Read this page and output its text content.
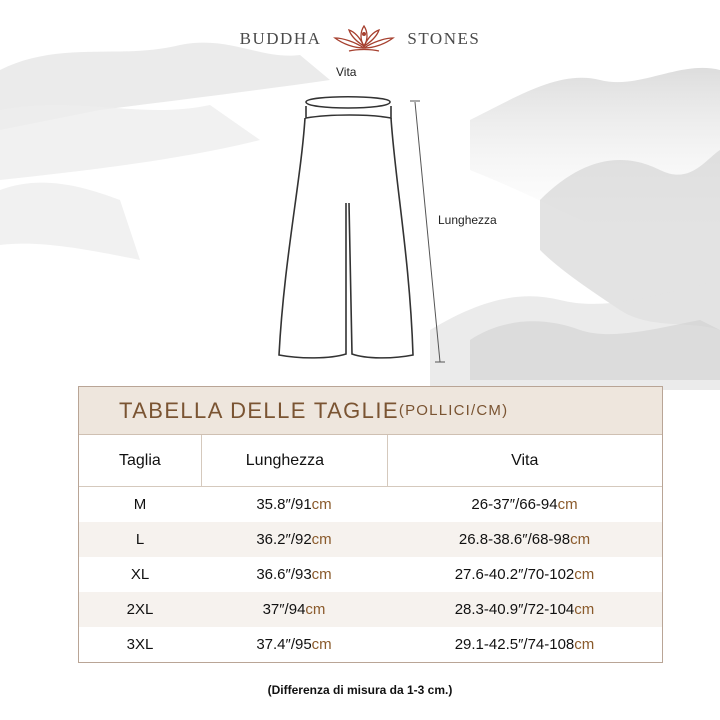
BUDDHA	STONES
Vita
Lunghezza
TABELLA DELLE TAGLIE (POLLICI/CM)
Taglia	Lunghezza	Vita
M	35.8″/91cm	26-37″/66-94cm
L	36.2″/92cm	26.8-38.6″/68-98cm
XL	36.6″/93cm	27.6-40.2″/70-102cm
2XL	37″/94cm	28.3-40.9″/72-104cm
3XL	37.4″/95cm	29.1-42.5″/74-108cm
(Differenza di misura da 1-3 cm.)
